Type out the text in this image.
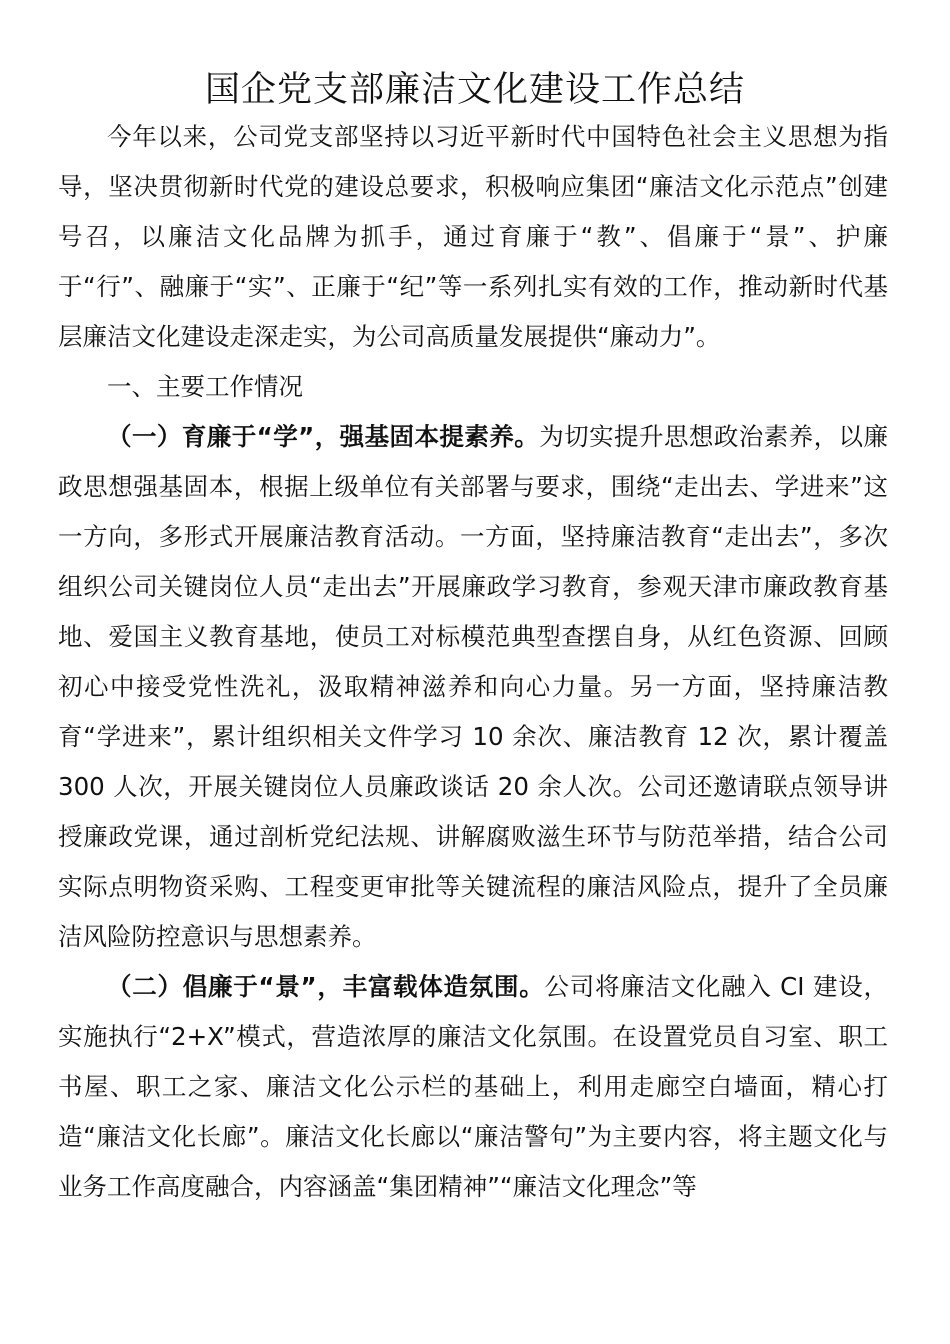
国企党支部廉洁文化建设工作总结

今年以来，公司党支部坚持以习近平新时代中国特色社会主义思想为指导，坚决贯彻新时代党的建设总要求，积极响应集团“廉洁文化示范点”创建号召，以廉洁文化品牌为抓手，通过育廉于“教”、倡廉于“景”、护廉于“行”、融廉于“实”、正廉于“纪”等一系列扎实有效的工作，推动新时代基层廉洁文化建设走深走实，为公司高质量发展提供“廉动力”。

一、主要工作情况

（一）育廉于“学”，强基固本提素养。为切实提升思想政治素养，以廉政思想强基固本，根据上级单位有关部署与要求，围绕“走出去、学进来”这一方向，多形式开展廉洁教育活动。一方面，坚持廉洁教育“走出去”，多次组织公司关键岗位人员“走出去”开展廉政学习教育，参观天津市廉政教育基地、爱国主义教育基地，使员工对标模范典型查摆自身，从红色资源、回顾初心中接受党性洗礼，汲取精神滋养和向心力量。另一方面，坚持廉洁教育“学进来”，累计组织相关文件学习 10 余次、廉洁教育 12 次，累计覆盖 300 人次，开展关键岗位人员廉政谈话 20 余人次。公司还邀请联点领导讲授廉政党课，通过剖析党纪法规、讲解腐败滋生环节与防范举措，结合公司实际点明物资采购、工程变更审批等关键流程的廉洁风险点，提升了全员廉洁风险防控意识与思想素养。

（二）倡廉于“景”，丰富载体造氛围。公司将廉洁文化融入 CI 建设，实施执行“2+X”模式，营造浓厚的廉洁文化氛围。在设置党员自习室、职工书屋、职工之家、廉洁文化公示栏的基础上，利用走廊空白墙面，精心打造“廉洁文化长廊”。廉洁文化长廊以“廉洁警句”为主要内容，将主题文化与业务工作高度融合，内容涵盖“集团精神”“廉洁文化理念”等
